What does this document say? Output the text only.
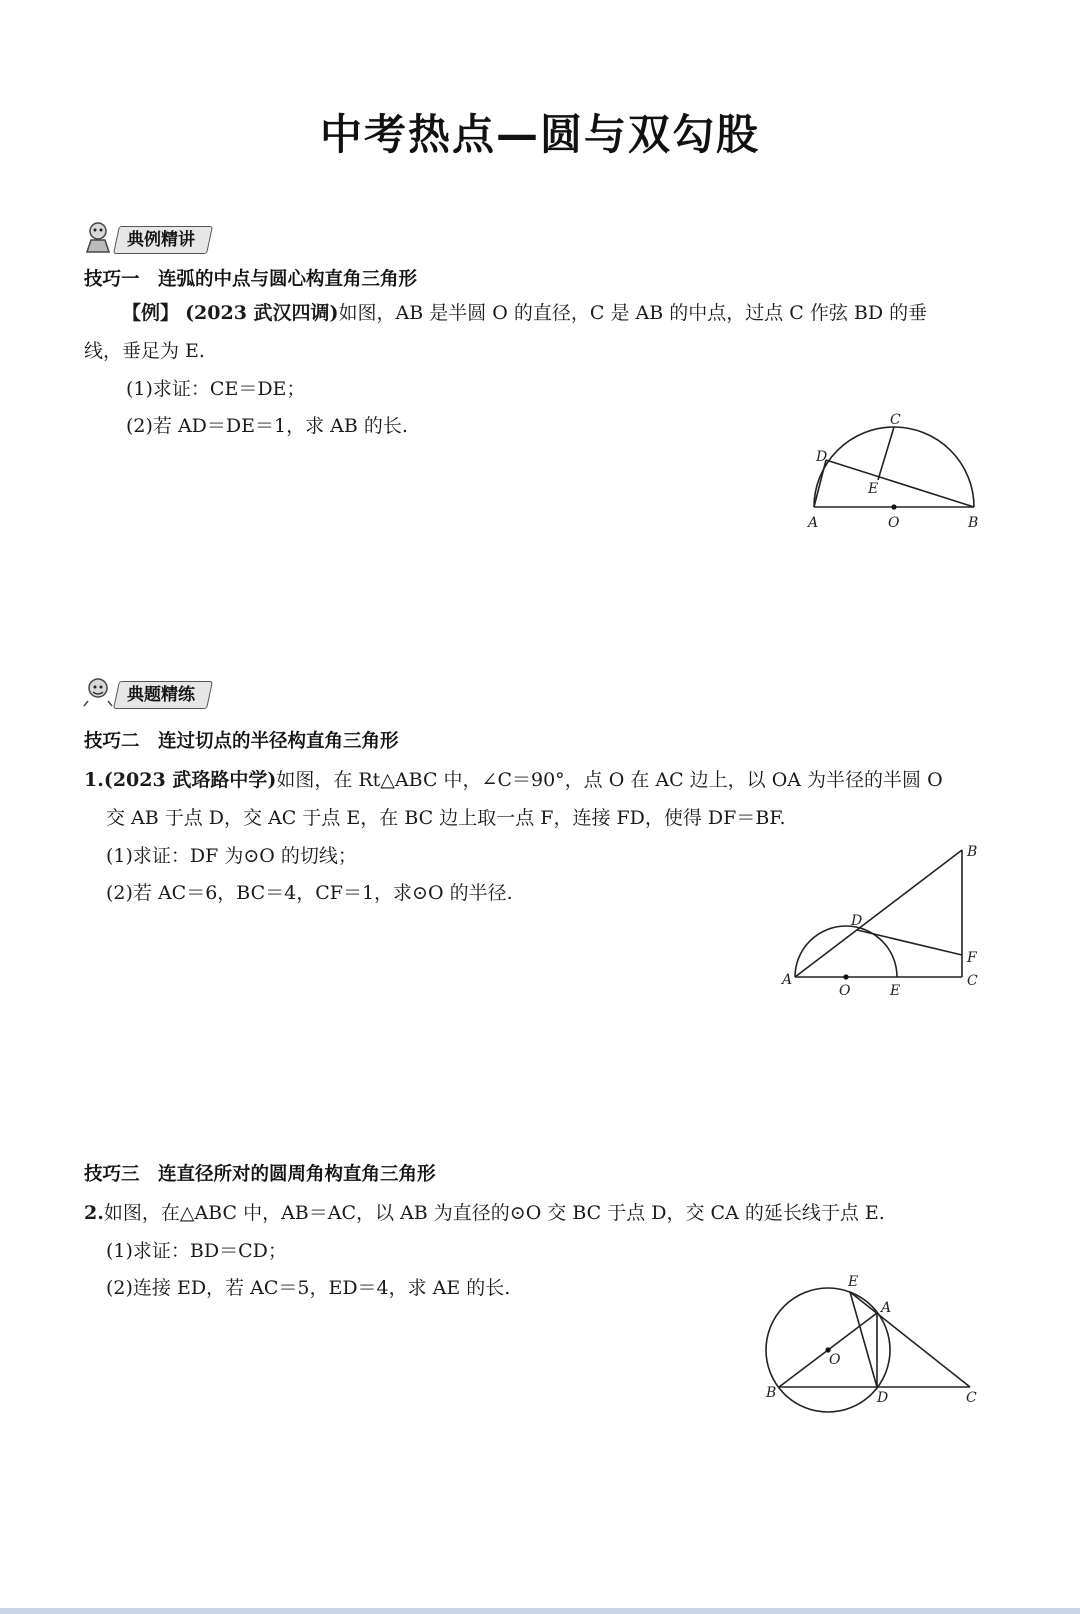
中考热点—圆与双勾股
典例精讲
技巧一　连弧的中点与圆心构直角三角形
【例】 (2023 武汉四调)如图，AB 是半圆 O 的直径，C 是 AB 的中点，过点 C 作弦 BD 的垂
线，垂足为 E.
(1)求证：CE＝DE；
(2)若 AD＝DE＝1，求 AB 的长.
A	O	B
C
D
E
典题精练
技巧二　连过切点的半径构直角三角形
1.(2023 武珞路中学)如图，在 Rt△ABC 中，∠C＝90°，点 O 在 AC 边上，以 OA 为半径的半圆 O
交 AB 于点 D，交 AC 于点 E，在 BC 边上取一点 F，连接 FD，使得 DF＝BF.
(1)求证：DF 为⊙O 的切线；
(2)若 AC＝6，BC＝4，CF＝1，求⊙O 的半径.
A
O	E
C
F
B
D
技巧三　连直径所对的圆周角构直角三角形
2.如图，在△ABC 中，AB＝AC，以 AB 为直径的⊙O 交 BC 于点 D，交 CA 的延长线于点 E.
(1)求证：BD＝CD；
(2)连接 ED，若 AC＝5，ED＝4，求 AE 的长.
O
B	D	C
A
E
